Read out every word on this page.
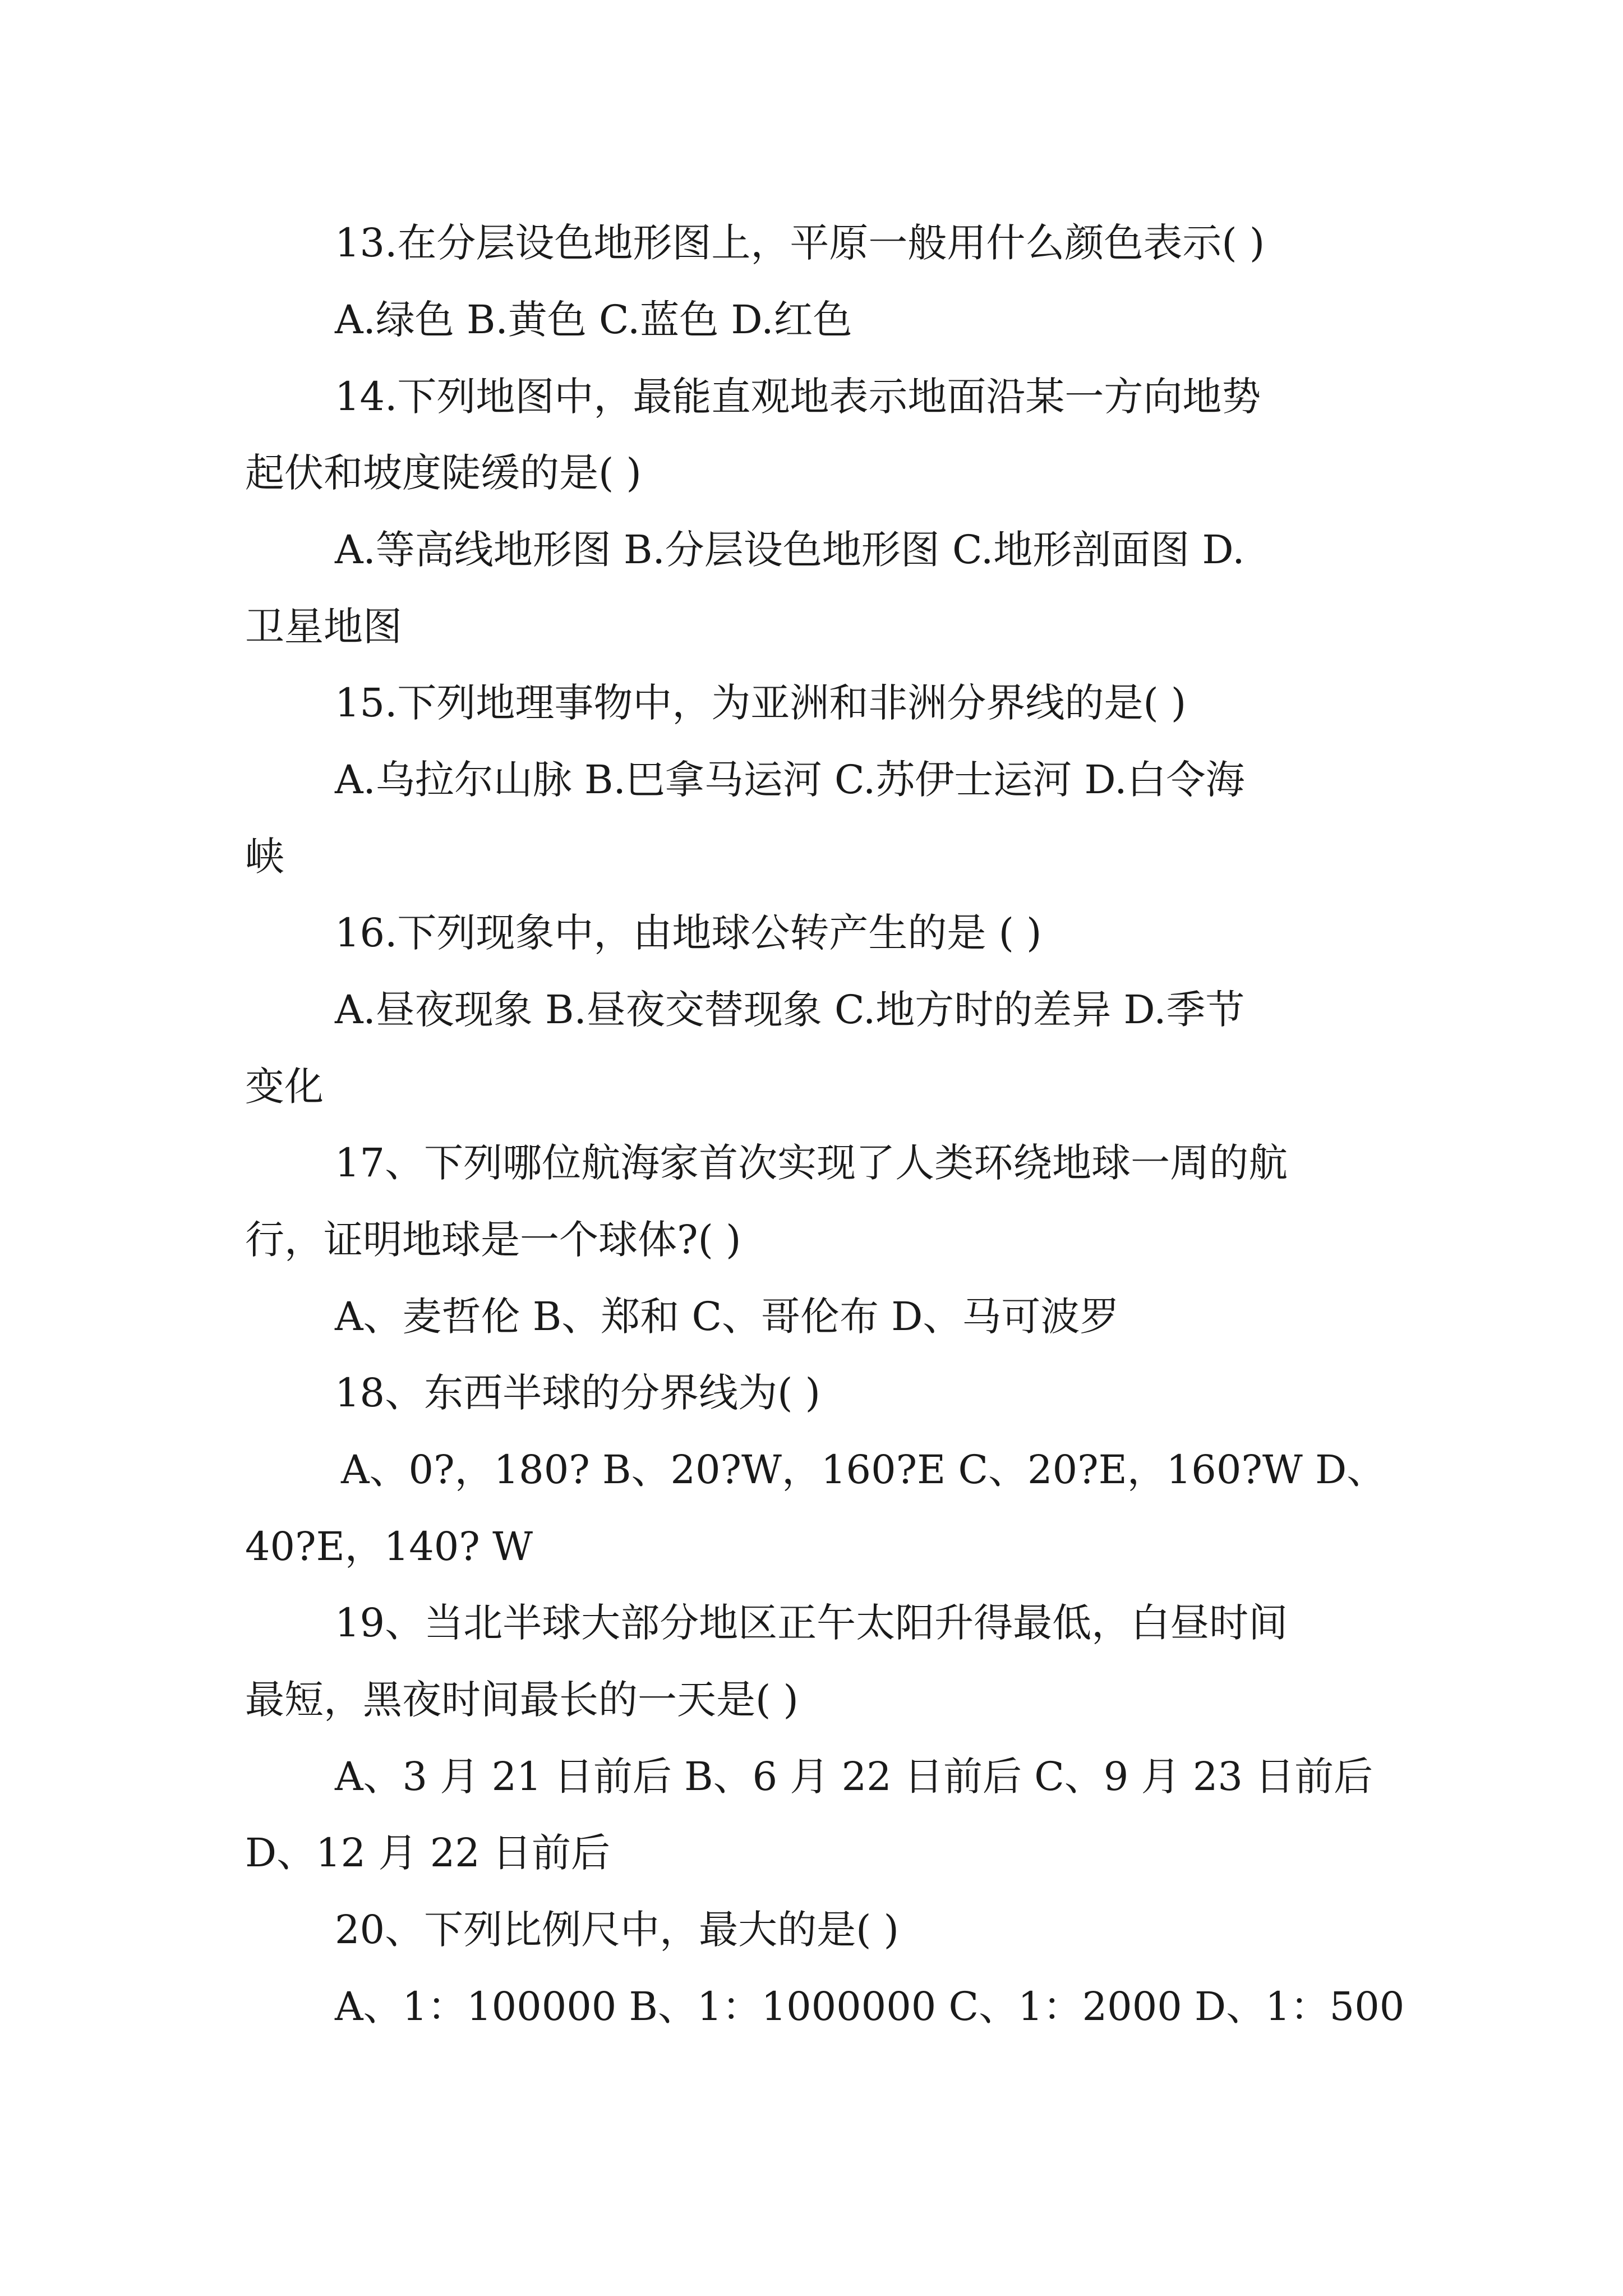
13.在分层设色地形图上，平原一般用什么颜色表示( )
A.绿色 B.黄色 C.蓝色 D.红色
14.下列地图中，最能直观地表示地面沿某一方向地势
起伏和坡度陡缓的是( )
A.等高线地形图 B.分层设色地形图 C.地形剖面图 D.
卫星地图
15.下列地理事物中，为亚洲和非洲分界线的是( )
A.乌拉尔山脉 B.巴拿马运河 C.苏伊士运河 D.白令海
峡
16.下列现象中，由地球公转产生的是 ( )
A.昼夜现象 B.昼夜交替现象 C.地方时的差异 D.季节
变化
17、下列哪位航海家首次实现了人类环绕地球一周的航
行，证明地球是一个球体?( )
A、麦哲伦 B、郑和 C、哥伦布 D、马可波罗
18、东西半球的分界线为( )
A、0?，180? B、20?W，160?E C、20?E，160?W D、
40?E，140? W
19、当北半球大部分地区正午太阳升得最低，白昼时间
最短，黑夜时间最长的一天是( )
A、3 月 21 日前后 B、6 月 22 日前后 C、9 月 23 日前后
D、12 月 22 日前后
20、下列比例尺中，最大的是( )
A、1：100000 B、1：1000000 C、1：2000 D、1：500
